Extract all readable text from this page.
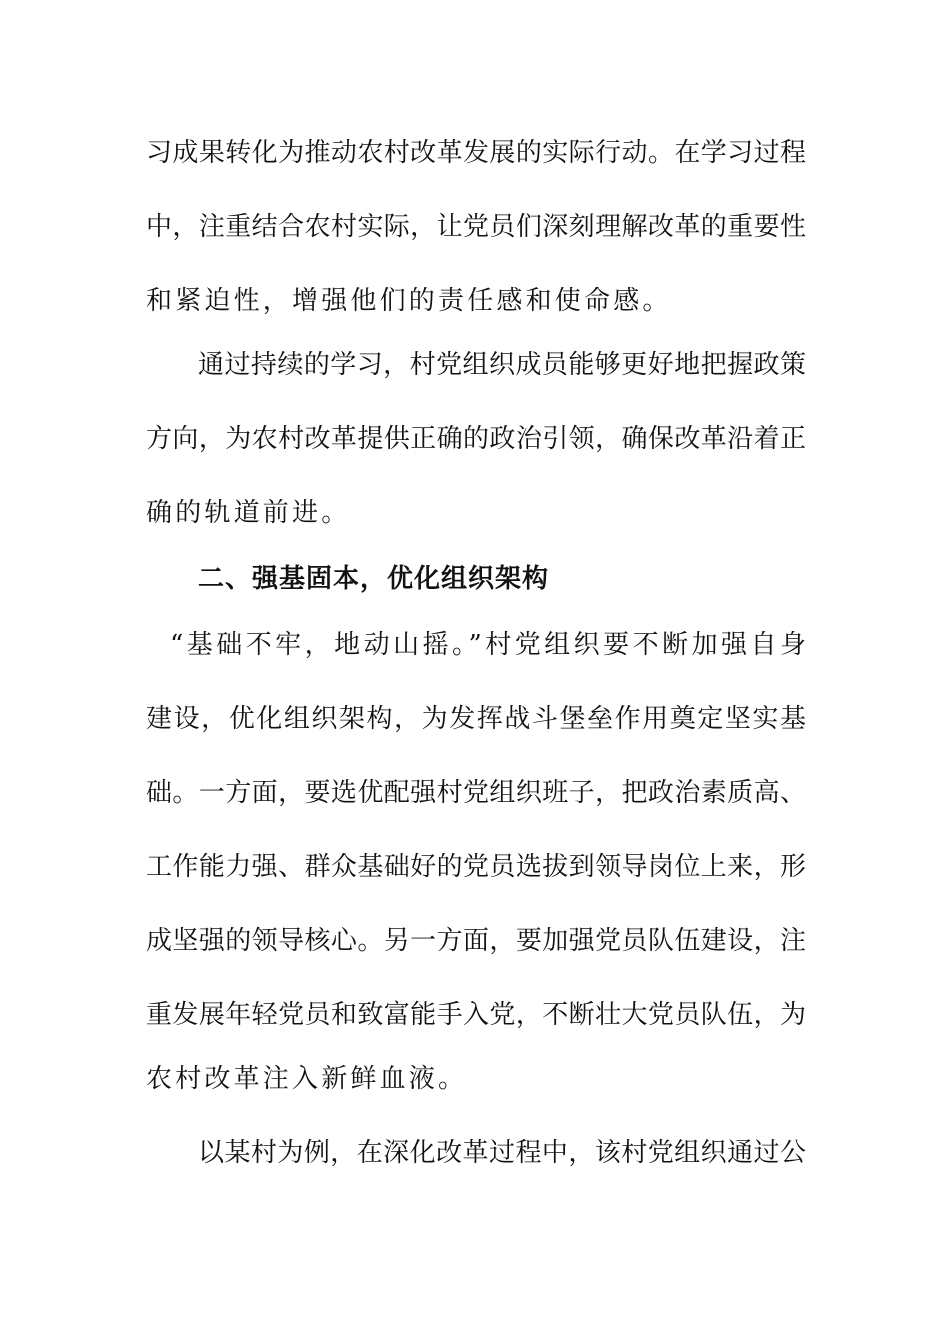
习成果转化为推动农村改革发展的实际行动。在学习过程
中，注重结合农村实际，让党员们深刻理解改革的重要性
和紧迫性，增强他们的责任感和使命感。
通过持续的学习，村党组织成员能够更好地把握政策
方向，为农村改革提供正确的政治引领，确保改革沿着正
确的轨道前进。
二、强基固本，优化组织架构
“基础不牢，地动山摇。”村党组织要不断加强自身
建设，优化组织架构，为发挥战斗堡垒作用奠定坚实基
础。一方面，要选优配强村党组织班子，把政治素质高、
工作能力强、群众基础好的党员选拔到领导岗位上来，形
成坚强的领导核心。另一方面，要加强党员队伍建设，注
重发展年轻党员和致富能手入党，不断壮大党员队伍，为
农村改革注入新鲜血液。
以某村为例，在深化改革过程中，该村党组织通过公
